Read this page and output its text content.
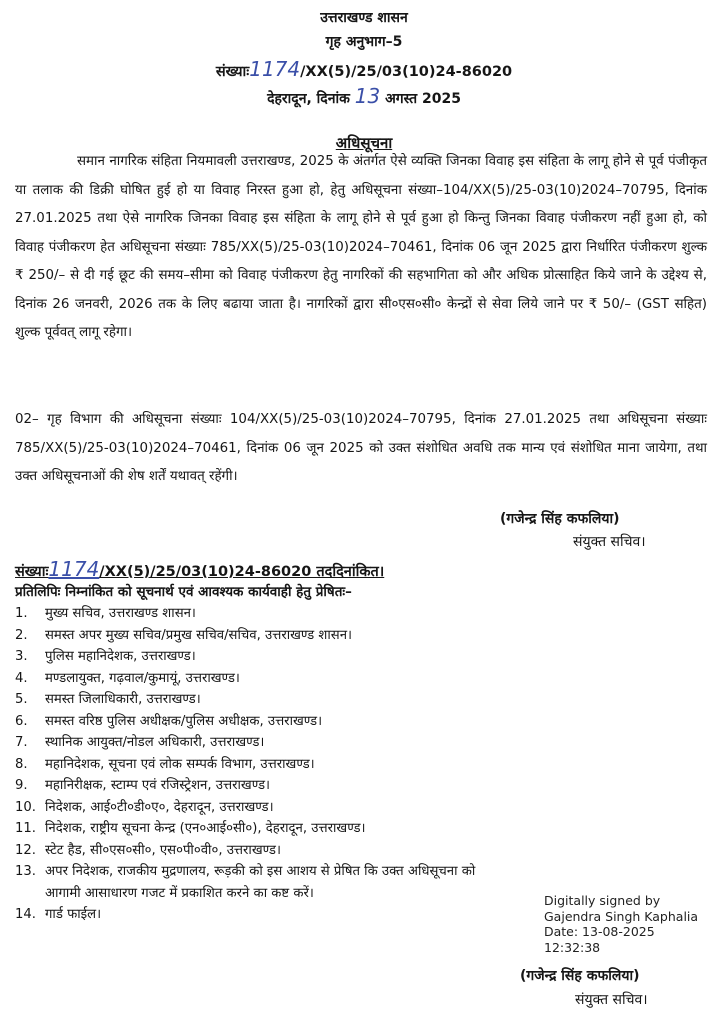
उत्तराखण्ड शासन
गृह अनुभाग–5
संख्याः1174/XX(5)/25/03(10)24-86020
देहरादून, दिनांक 13 अगस्त 2025
अधिसूचना
समान नागरिक संहिता नियमावली उत्तराखण्ड, 2025 के अंतर्गत ऐसे व्यक्ति जिनका विवाह इस संहिता के लागू होने से पूर्व पंजीकृत या तलाक की डिक्री घोषित हुई हो या विवाह निरस्त हुआ हो, हेतु अधिसूचना संख्या–104/XX(5)/25-03(10)2024–70795, दिनांक 27.01.2025 तथा ऐसे नागरिक जिनका विवाह इस संहिता के लागू होने से पूर्व हुआ हो किन्तु जिनका विवाह पंजीकरण नहीं हुआ हो, को विवाह पंजीकरण हेत अधिसूचना संख्याः 785/XX(5)/25-03(10)2024–70461, दिनांक 06 जून 2025 द्वारा निर्धारित पंजीकरण शुल्क ₹ 250/– से दी गई छूट की समय–सीमा को विवाह पंजीकरण हेतु नागरिकों की सहभागिता को और अधिक प्रोत्साहित किये जाने के उद्देश्य से, दिनांक 26 जनवरी, 2026 तक के लिए बढाया जाता है। नागरिकों द्वारा सी०एस०सी० केन्द्रों से सेवा लिये जाने पर ₹ 50/– (GST सहित) शुल्क पूर्ववत् लागू रहेगा।
02– गृह विभाग की अधिसूचना संख्याः 104/XX(5)/25-03(10)2024–70795, दिनांक 27.01.2025 तथा अधिसूचना संख्याः 785/XX(5)/25-03(10)2024–70461, दिनांक 06 जून 2025 को उक्त संशोधित अवधि तक मान्य एवं संशोधित माना जायेगा, तथा उक्त अधिसूचनाओं की शेष शर्तें यथावत् रहेंगी।
(गजेन्द्र सिंह कफलिया)
संयुक्त सचिव।
संख्याः1174/XX(5)/25/03(10)24-86020 तददिनांकित।
प्रतिलिपिः निम्नांकित को सूचनार्थ एवं आवश्यक कार्यवाही हेतु प्रेषितः–
1. मुख्य सचिव, उत्तराखण्ड शासन।
2. समस्त अपर मुख्य सचिव/प्रमुख सचिव/सचिव, उत्तराखण्ड शासन।
3. पुलिस महानिदेशक, उत्तराखण्ड।
4. मण्डलायुक्त, गढ़वाल/कुमायूं, उत्तराखण्ड।
5. समस्त जिलाधिकारी, उत्तराखण्ड।
6. समस्त वरिष्ठ पुलिस अधीक्षक/पुलिस अधीक्षक, उत्तराखण्ड।
7. स्थानिक आयुक्त/नोडल अधिकारी, उत्तराखण्ड।
8. महानिदेशक, सूचना एवं लोक सम्पर्क विभाग, उत्तराखण्ड।
9. महानिरीक्षक, स्टाम्प एवं रजिस्ट्रेशन, उत्तराखण्ड।
10. निदेशक, आई०टी०डी०ए०, देहरादून, उत्तराखण्ड।
11. निदेशक, राष्ट्रीय सूचना केन्द्र (एन०आई०सी०), देहरादून, उत्तराखण्ड।
12. स्टेट हैड, सी०एस०सी०, एस०पी०वी०, उत्तराखण्ड।
13. अपर निदेशक, राजकीय मुद्रणालय, रूड़की को इस आशय से प्रेषित कि उक्त अधिसूचना को
आगामी आसाधारण गजट में प्रकाशित करने का कष्ट करें।
14. गार्ड फाईल।
Digitally signed by
Gajendra Singh Kaphalia
Date: 13-08-2025
12:32:38
(गजेन्द्र सिंह कफलिया)
संयुक्त सचिव।
